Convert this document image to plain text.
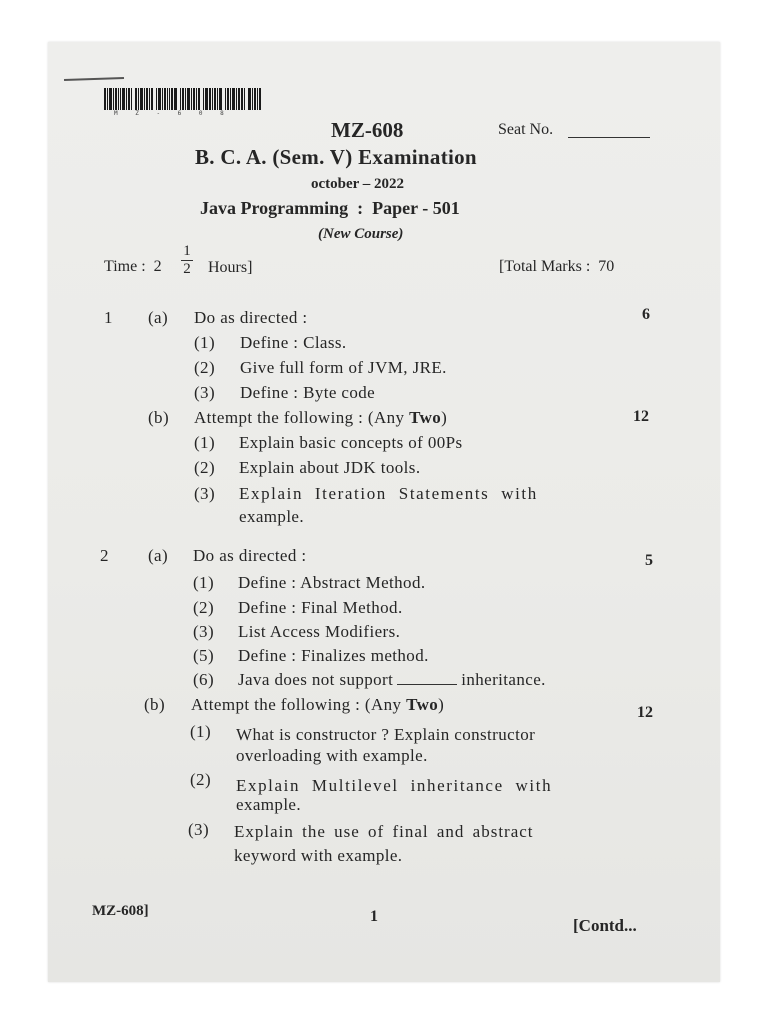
M Z - 6 0 8
MZ-608	Seat No.
B. C. A. (Sem. V) Examination
october – 2022
Java Programming  :  Paper - 501
(New Course)
Time :  2
1
2 Hours]	[Total Marks :  70
1 (a) Do as directed :	6
(1) Define : Class.
(2) Give full form of JVM, JRE.
(3) Define : Byte code
(b) Attempt the following : (Any Two)	12
(1) Explain basic concepts of 00Ps
(2) Explain about JDK tools.
(3) Explain Iteration Statements with
example.
2 (a) Do as directed :	5
(1) Define : Abstract Method.
(2) Define : Final Method.
(3) List Access Modifiers.
(5) Define : Finalizes method.
(6) Java does not support	inheritance.
(b) Attempt the following : (Any Two)	12
(1) What is constructor ? Explain constructor
overloading with example.
(2) Explain Multilevel inheritance with
example.
(3) Explain the use of final and abstract
keyword with example.
MZ-608]	1	[Contd...
